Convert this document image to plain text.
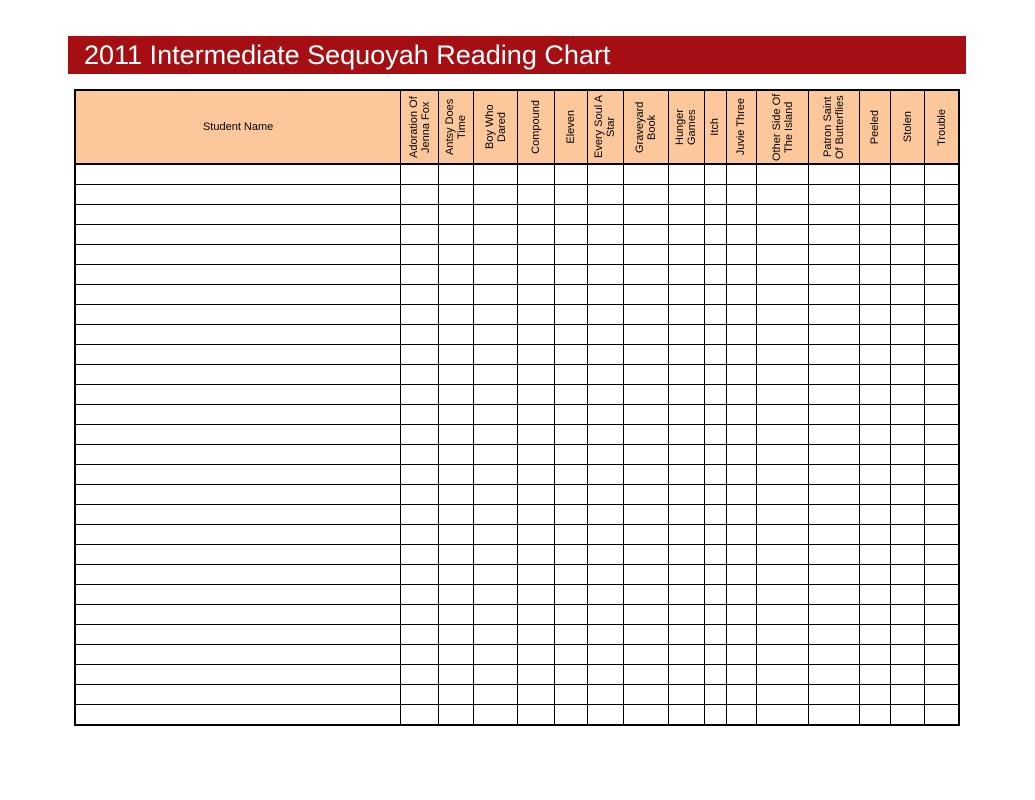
2011 Intermediate Sequoyah Reading Chart
Student Name	Adoration Of Jenna Fox	Antsy Does Time	Boy Who Dared	Compound	Eleven	Every Soul A Star	Graveyard Book	Hunger Games	Itch	Juvie Three	Other Side Of The Island	Patron Saint Of Butterflies	Peeled	Stolen	Trouble
